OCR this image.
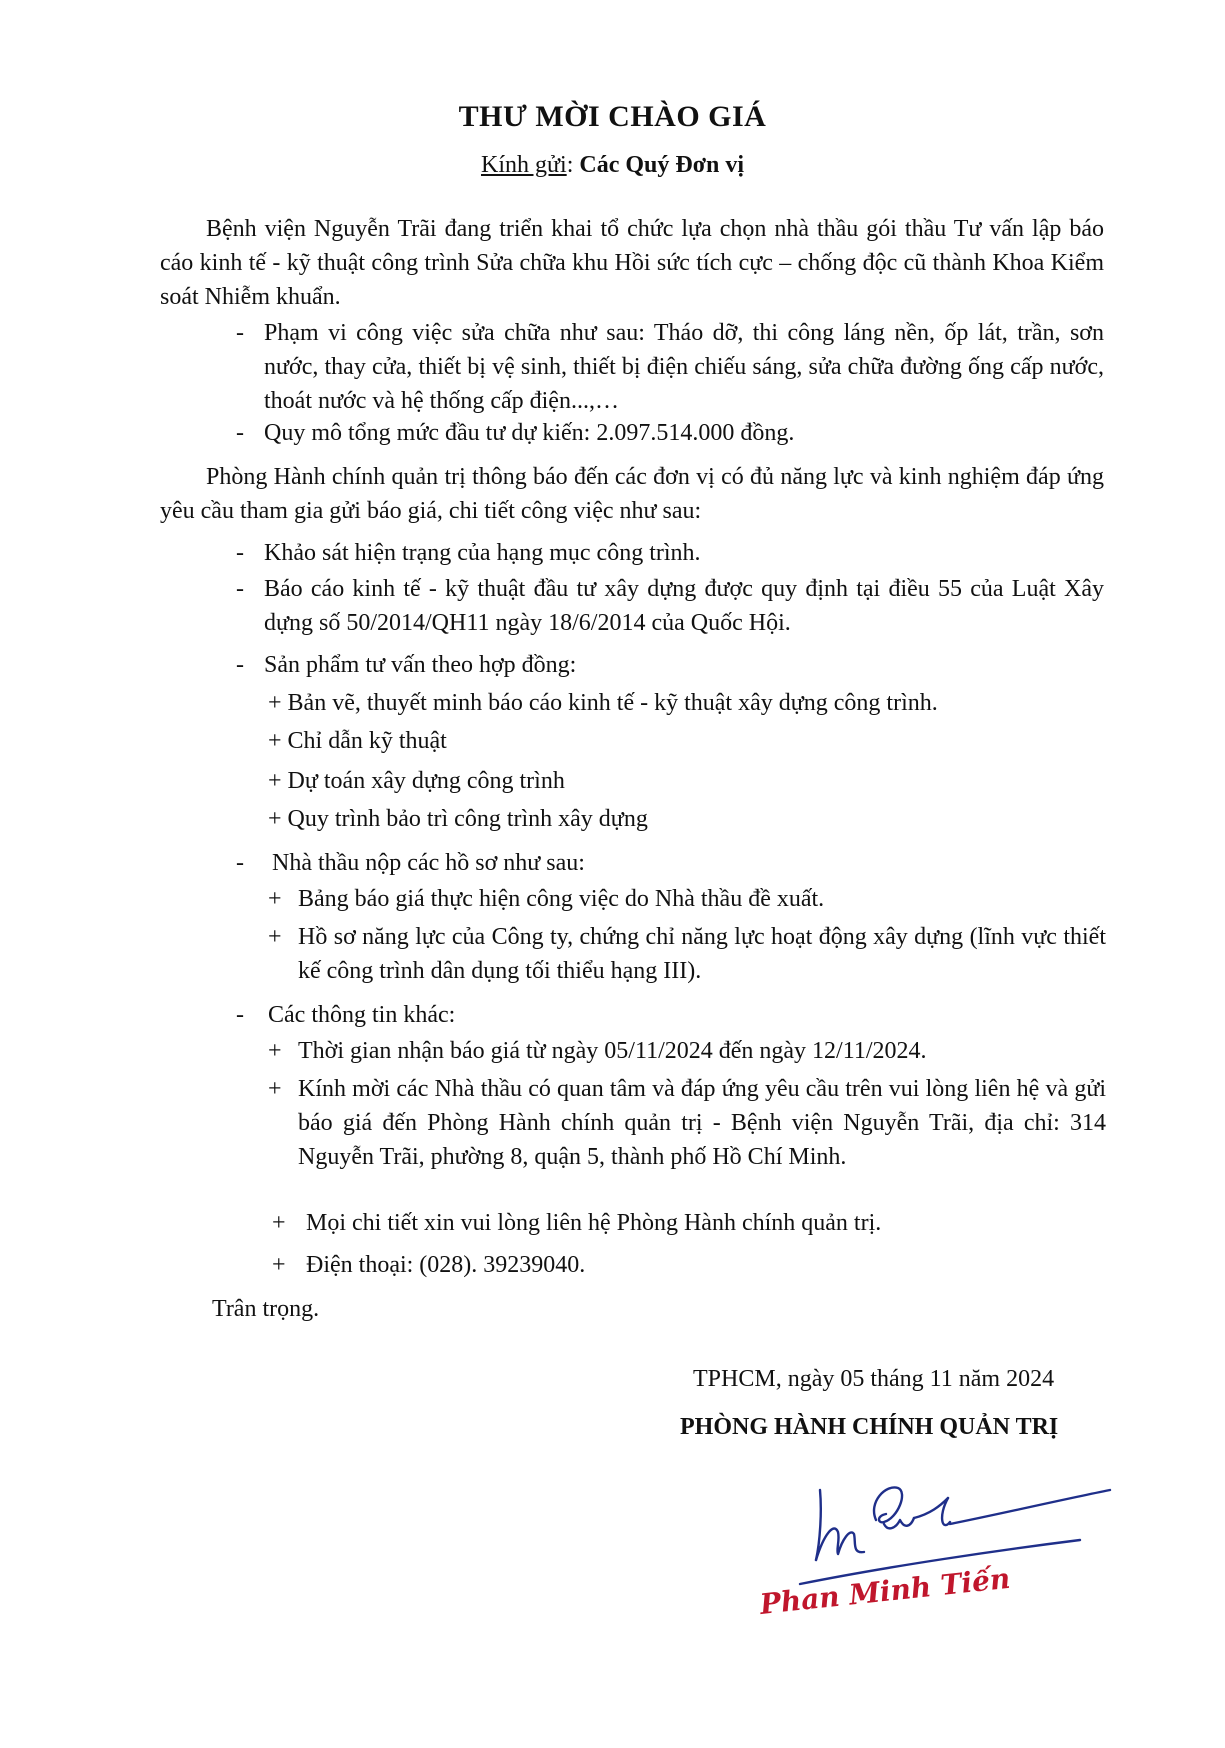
THƯ MỜI CHÀO GIÁ
Kính gửi: Các Quý Đơn vị
Bệnh viện Nguyễn Trãi đang triển khai tổ chức lựa chọn nhà thầu gói thầu Tư vấn lập báo cáo kinh tế - kỹ thuật công trình Sửa chữa khu Hồi sức tích cực – chống độc cũ thành Khoa Kiểm soát Nhiễm khuẩn.
- Phạm vi công việc sửa chữa như sau: Tháo dỡ, thi công láng nền, ốp lát, trần, sơn nước, thay cửa, thiết bị vệ sinh, thiết bị điện chiếu sáng, sửa chữa đường ống cấp nước, thoát nước và hệ thống cấp điện...,…
- Quy mô tổng mức đầu tư dự kiến: 2.097.514.000 đồng.
Phòng Hành chính quản trị thông báo đến các đơn vị có đủ năng lực và kinh nghiệm đáp ứng yêu cầu tham gia gửi báo giá, chi tiết công việc như sau:
- Khảo sát hiện trạng của hạng mục công trình.
- Báo cáo kinh tế - kỹ thuật đầu tư xây dựng được quy định tại điều 55 của Luật Xây dựng số 50/2014/QH11 ngày 18/6/2014 của Quốc Hội.
- Sản phẩm tư vấn theo hợp đồng:
+ Bản vẽ, thuyết minh báo cáo kinh tế - kỹ thuật xây dựng công trình.
+ Chỉ dẫn kỹ thuật
+ Dự toán xây dựng công trình
+ Quy trình bảo trì công trình xây dựng
- Nhà thầu nộp các hồ sơ như sau:
+ Bảng báo giá thực hiện công việc do Nhà thầu đề xuất.
+ Hồ sơ năng lực của Công ty, chứng chỉ năng lực hoạt động xây dựng (lĩnh vực thiết kế công trình dân dụng tối thiểu hạng III).
- Các thông tin khác:
+ Thời gian nhận báo giá từ ngày 05/11/2024 đến ngày 12/11/2024.
+ Kính mời các Nhà thầu có quan tâm và đáp ứng yêu cầu trên vui lòng liên hệ và gửi báo giá đến Phòng Hành chính quản trị - Bệnh viện Nguyễn Trãi, địa chỉ: 314 Nguyễn Trãi, phường 8, quận 5, thành phố Hồ Chí Minh.
+ Mọi chi tiết xin vui lòng liên hệ Phòng Hành chính quản trị.
+ Điện thoại: (028). 39239040.
Trân trọng.
TPHCM, ngày 05 tháng 11 năm 2024
PHÒNG HÀNH CHÍNH QUẢN TRỊ
Phan Minh Tiến
